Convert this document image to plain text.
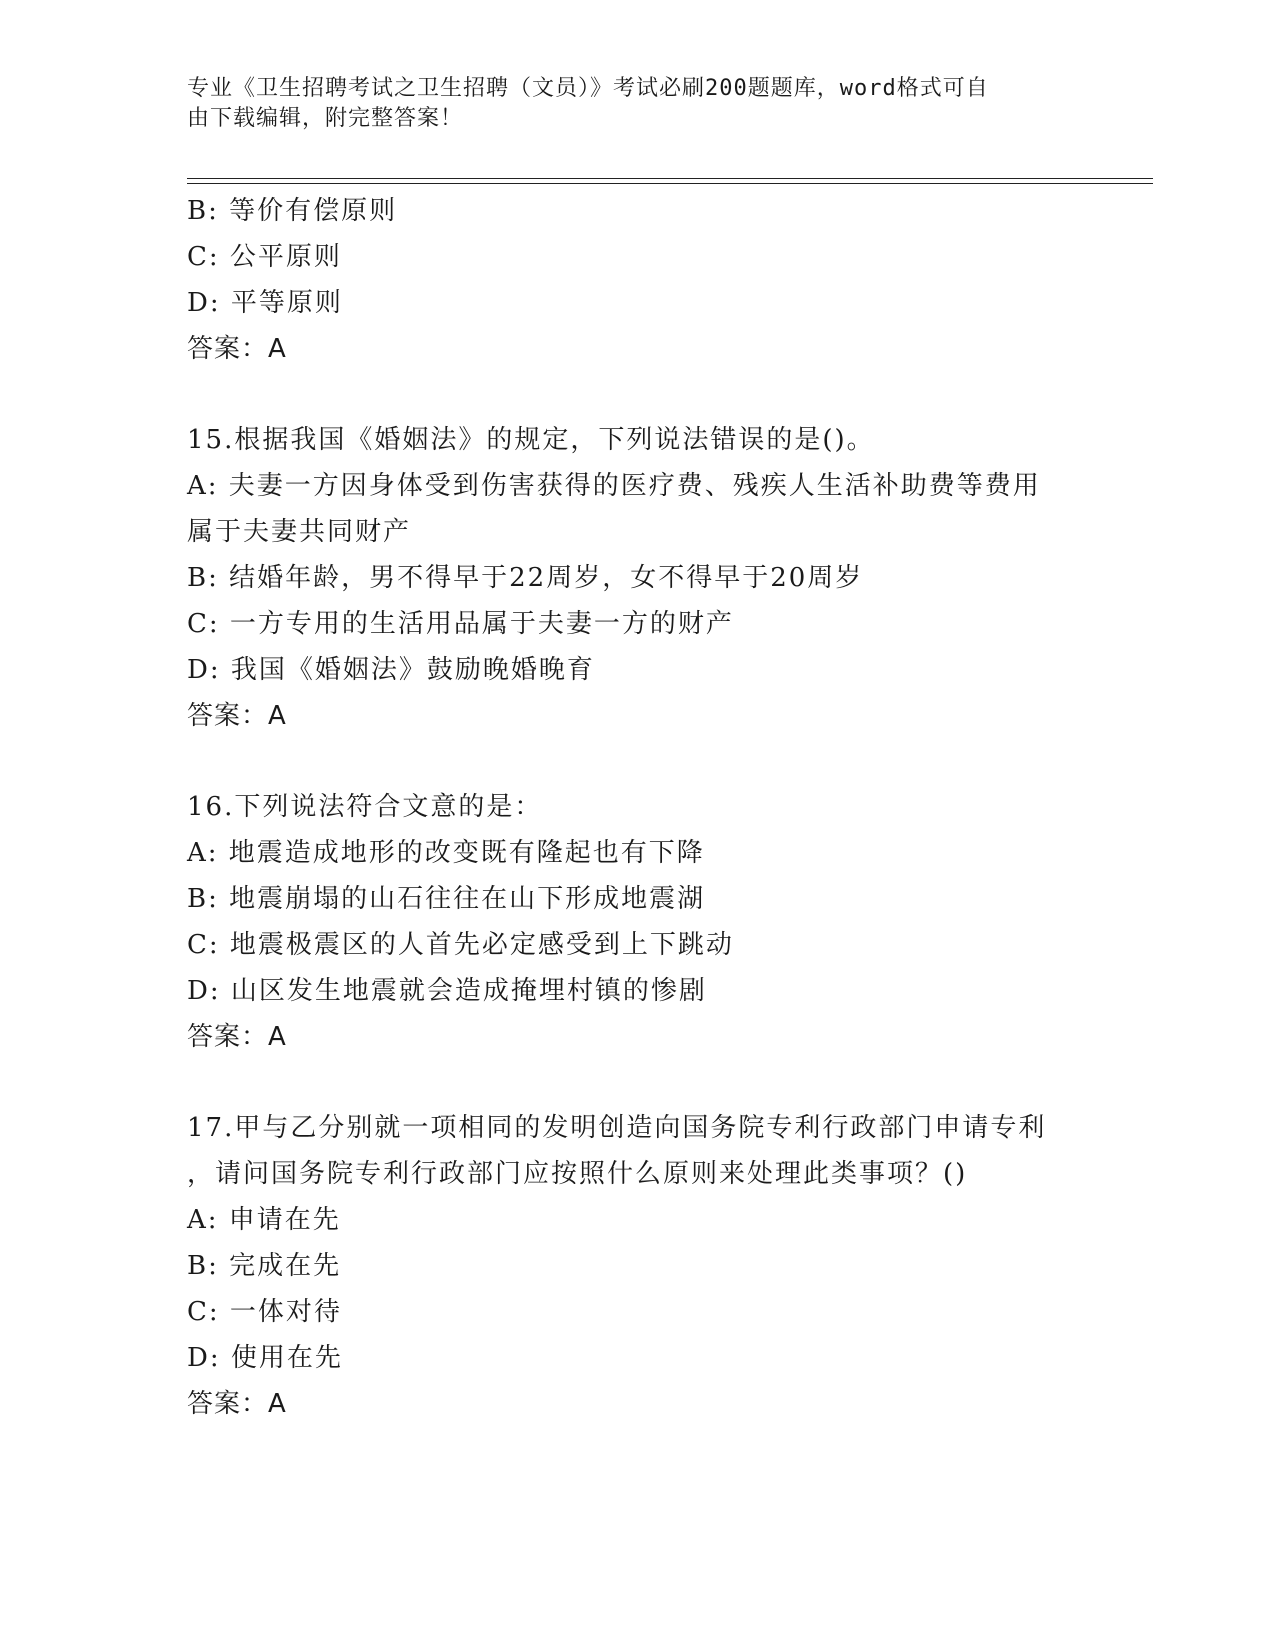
专业《卫生招聘考试之卫生招聘（文员）》考试必刷200题题库，word格式可自
由下载编辑，附完整答案！
B: 等价有偿原则
C: 公平原则
D: 平等原则
答案：A
15.根据我国《婚姻法》的规定，下列说法错误的是()。
A: 夫妻一方因身体受到伤害获得的医疗费、残疾人生活补助费等费用
属于夫妻共同财产
B: 结婚年龄，男不得早于22周岁，女不得早于20周岁
C: 一方专用的生活用品属于夫妻一方的财产
D: 我国《婚姻法》鼓励晚婚晚育
答案：A
16.下列说法符合文意的是：
A: 地震造成地形的改变既有隆起也有下降
B: 地震崩塌的山石往往在山下形成地震湖
C: 地震极震区的人首先必定感受到上下跳动
D: 山区发生地震就会造成掩埋村镇的惨剧
答案：A
17.甲与乙分别就一项相同的发明创造向国务院专利行政部门申请专利
，请问国务院专利行政部门应按照什么原则来处理此类事项？()
A: 申请在先
B: 完成在先
C: 一体对待
D: 使用在先
答案：A
